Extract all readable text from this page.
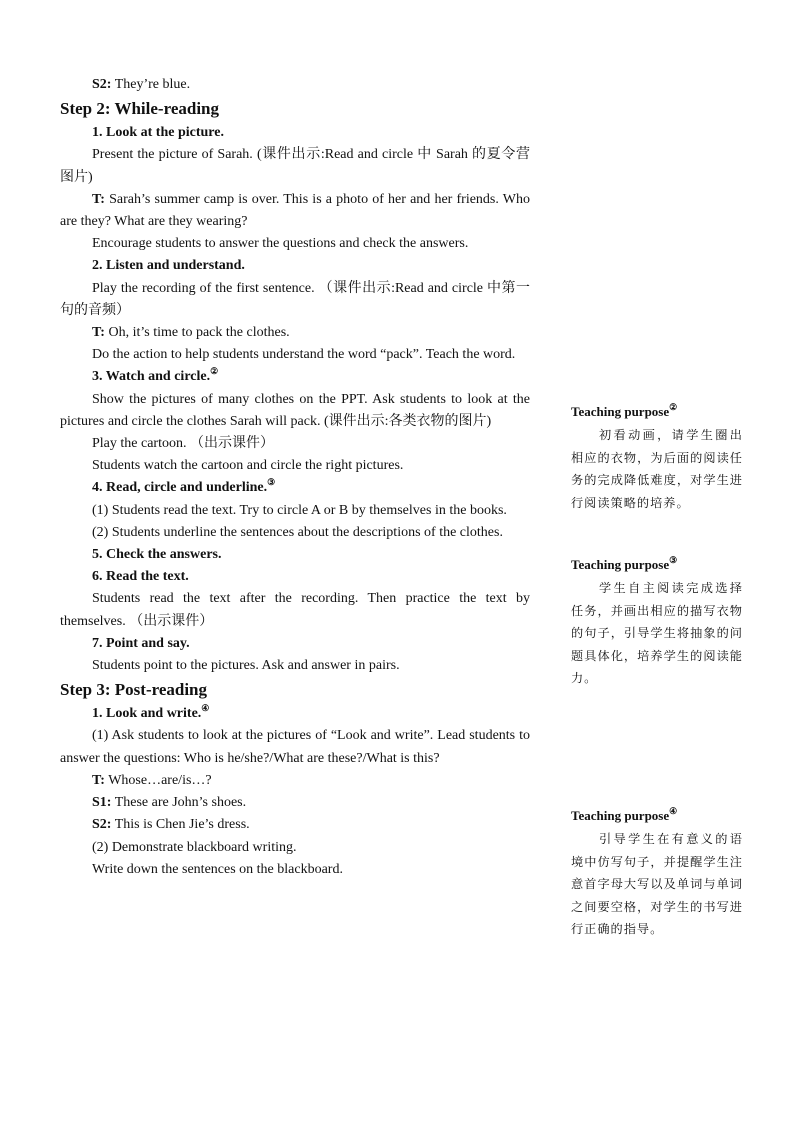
S2: They’re blue.

Step 2: While-reading

1. Look at the picture.

Present the picture of Sarah. (课件出示:Read and circle 中 Sarah 的夏令营图片)

T: Sarah’s summer camp is over. This is a photo of her and her friends. Who are they? What are they wearing?

Encourage students to answer the questions and check the answers.

2. Listen and understand.

Play the recording of the first sentence. （课件出示:Read and circle 中第一句的音频）

T: Oh, it’s time to pack the clothes.

Do the action to help students understand the word “pack”. Teach the word.

3. Watch and circle.②

Show the pictures of many clothes on the PPT. Ask students to look at the pictures and circle the clothes Sarah will pack. (课件出示:各类衣物的图片)

Play the cartoon. （出示课件）

Students watch the cartoon and circle the right pictures.

4. Read, circle and underline.③

(1) Students read the text. Try to circle A or B by themselves in the books.

(2) Students underline the sentences about the descriptions of the clothes.

5. Check the answers.

6. Read the text.

Students read the text after the recording. Then practice the text by themselves. （出示课件）

7. Point and say.

Students point to the pictures. Ask and answer in pairs.

Step 3: Post-reading

1. Look and write.④

(1) Ask students to look at the pictures of “Look and write”. Lead students to answer the questions: Who is he/she?/What are these?/What is this?

T: Whose…are/is…?

S1: These are John’s shoes.

S2: This is Chen Jie’s dress.

(2) Demonstrate blackboard writing.

Write down the sentences on the blackboard.

Teaching purpose②

初看动画，请学生圈出相应的衣物，为后面的阅读任务的完成降低难度，对学生进行阅读策略的培养。

Teaching purpose③

学生自主阅读完成选择任务，并画出相应的描写衣物的句子，引导学生将抽象的问题具体化，培养学生的阅读能力。

Teaching purpose④

引导学生在有意义的语境中仿写句子，并提醒学生注意首字母大写以及单词与单词之间要空格，对学生的书写进行正确的指导。
